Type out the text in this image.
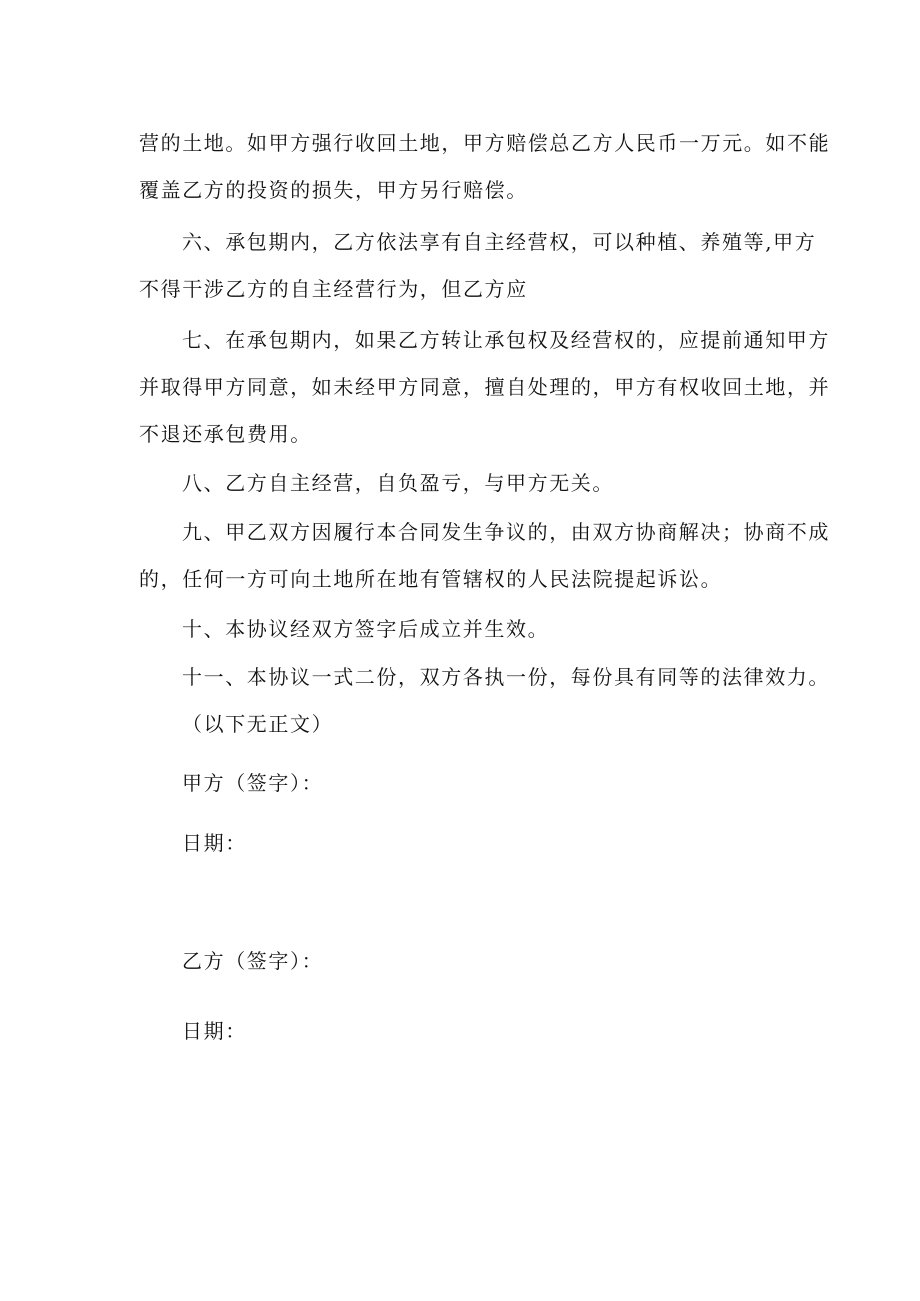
营的土地。如甲方强行收回土地，甲方赔偿总乙方人民币一万元。如不能
覆盖乙方的投资的损失，甲方另行赔偿。
六、承包期内，乙方依法享有自主经营权，可以种植、养殖等,甲方
不得干涉乙方的自主经营行为，但乙方应
七、在承包期内，如果乙方转让承包权及经营权的，应提前通知甲方
并取得甲方同意，如未经甲方同意，擅自处理的，甲方有权收回土地，并
不退还承包费用。
八、乙方自主经营，自负盈亏，与甲方无关。
九、甲乙双方因履行本合同发生争议的，由双方协商解决；协商不成
的，任何一方可向土地所在地有管辖权的人民法院提起诉讼。
十、本协议经双方签字后成立并生效。
十一、本协议一式二份，双方各执一份，每份具有同等的法律效力。
（以下无正文）
甲方（签字）：
日期：
乙方（签字）：
日期：
